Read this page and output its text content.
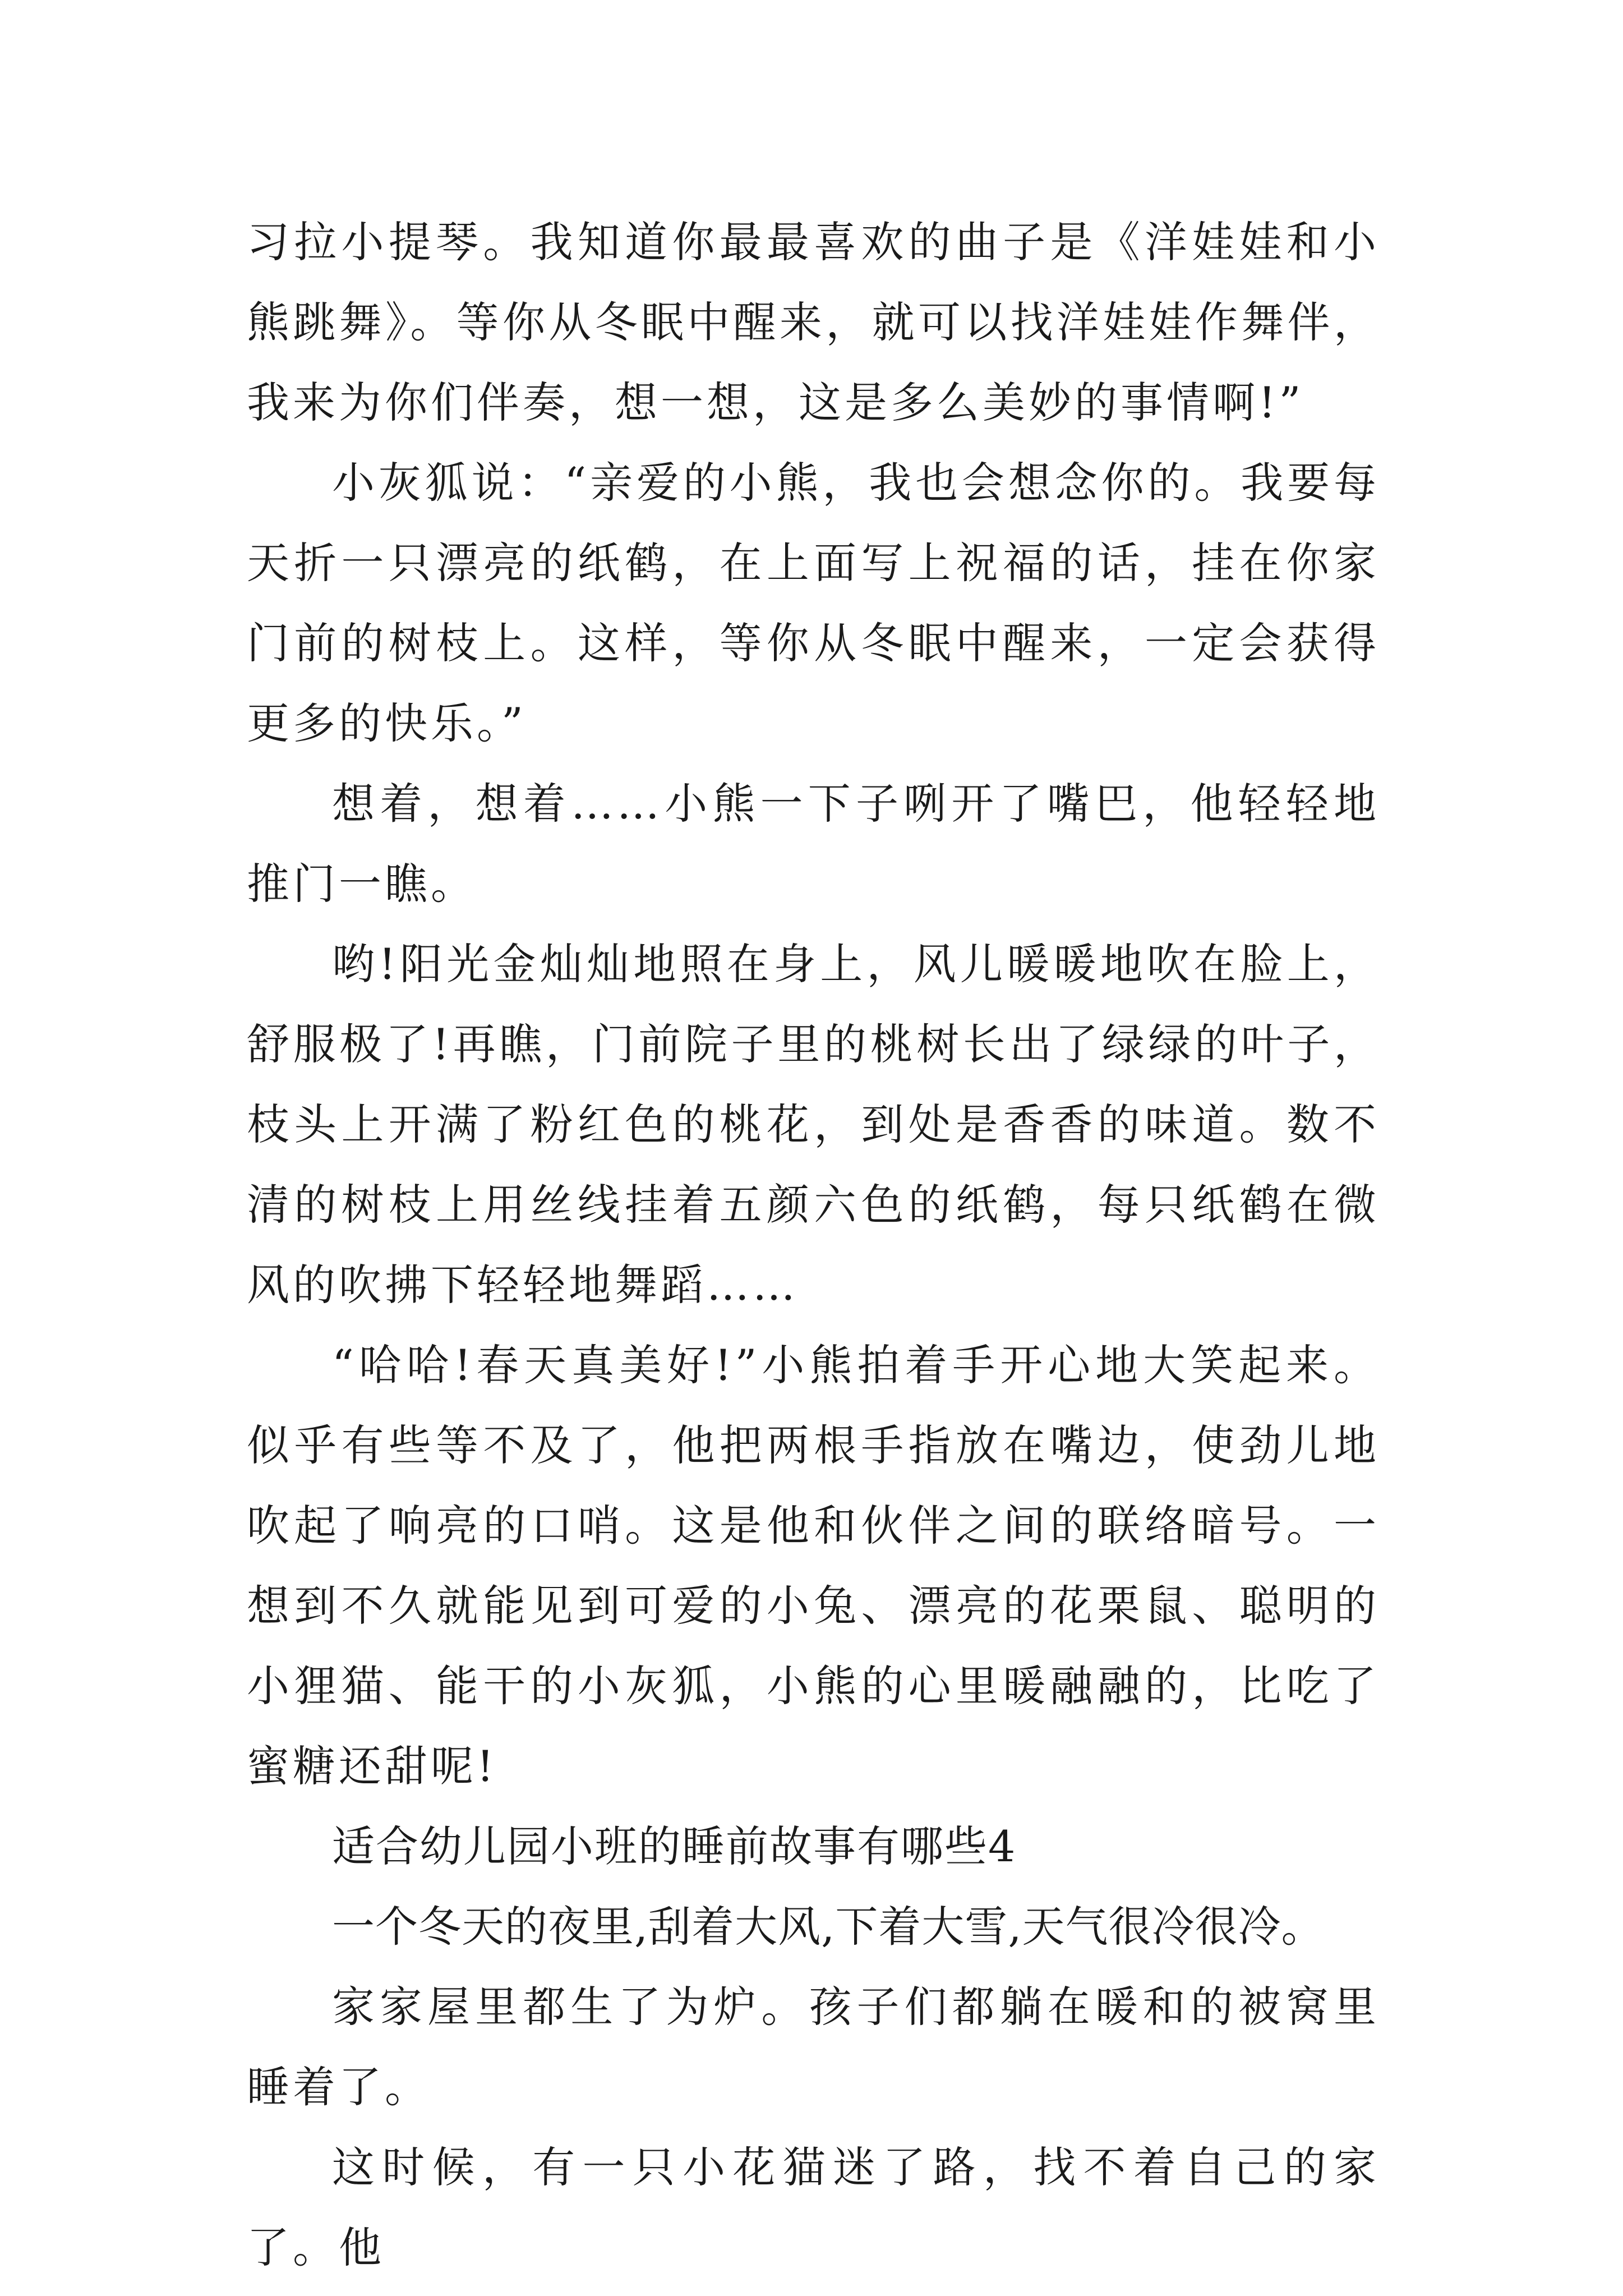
习拉小提琴。我知道你最最喜欢的曲子是《洋娃娃和小熊跳舞》。等你从冬眠中醒来，就可以找洋娃娃作舞伴，我来为你们伴奏，想一想，这是多么美妙的事情啊!”

小灰狐说：“亲爱的小熊，我也会想念你的。我要每天折一只漂亮的纸鹤，在上面写上祝福的话，挂在你家门前的树枝上。这样，等你从冬眠中醒来，一定会获得更多的快乐。”

想着，想着……小熊一下子咧开了嘴巴，他轻轻地推门一瞧。

哟!阳光金灿灿地照在身上，风儿暖暖地吹在脸上，舒服极了!再瞧，门前院子里的桃树长出了绿绿的叶子，枝头上开满了粉红色的桃花，到处是香香的味道。数不清的树枝上用丝线挂着五颜六色的纸鹤，每只纸鹤在微风的吹拂下轻轻地舞蹈……

“哈哈!春天真美好!”小熊拍着手开心地大笑起来。似乎有些等不及了，他把两根手指放在嘴边，使劲儿地吹起了响亮的口哨。这是他和伙伴之间的联络暗号。一想到不久就能见到可爱的小兔、漂亮的花栗鼠、聪明的小狸猫、能干的小灰狐，小熊的心里暖融融的，比吃了蜜糖还甜呢!

适合幼儿园小班的睡前故事有哪些4

一个冬天的夜里,刮着大风,下着大雪,天气很冷很冷。

家家屋里都生了为炉。孩子们都躺在暖和的被窝里睡着了。

这时候，有一只小花猫迷了路，找不着自己的家了。他
